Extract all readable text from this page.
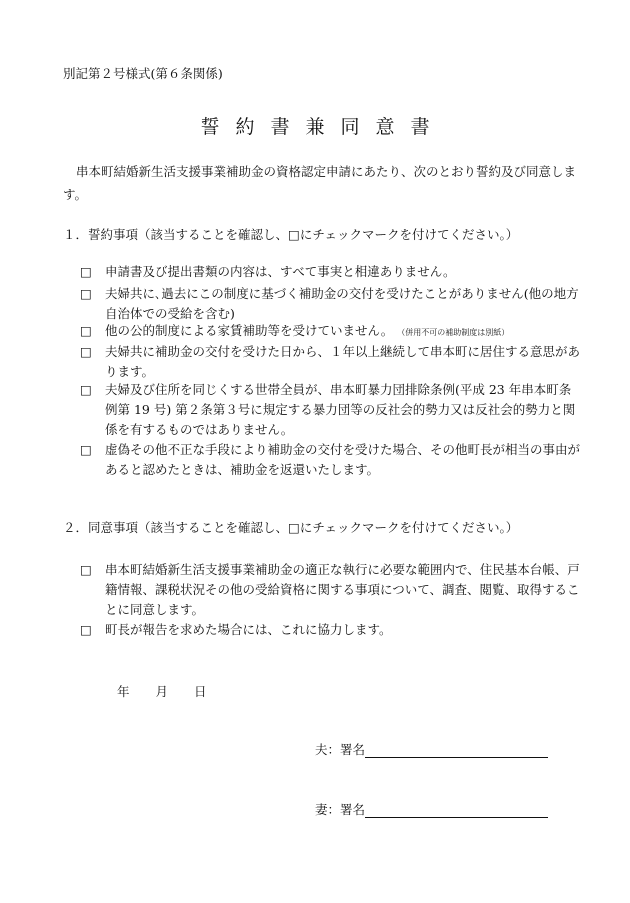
別記第２号様式(第６条関係)
誓約書兼同意書
串本町結婚新生活支援事業補助金の資格認定申請にあたり、次のとおり誓約及び同意します。
１．誓約事項（該当することを確認し、□にチェックマークを付けてください。）
□	申請書及び提出書類の内容は、すべて事実と相違ありません。
□	夫婦共に､過去にこの制度に基づく補助金の交付を受けたことがありません(他の地方自治体での受給を含む)
□	他の公的制度による家賃補助等を受けていません。 （併用不可の補助制度は別紙）
□	夫婦共に補助金の交付を受けた日から、１年以上継続して串本町に居住する意思があります。
□	夫婦及び住所を同じくする世帯全員が、串本町暴力団排除条例(平成 23 年串本町条例第 19 号) 第２条第３号に規定する暴力団等の反社会的勢力又は反社会的勢力と関係を有するものではありません。
□	虚偽その他不正な手段により補助金の交付を受けた場合、その他町長が相当の事由があると認めたときは、補助金を返還いたします。
２．同意事項（該当することを確認し、□にチェックマークを付けてください。）
□	串本町結婚新生活支援事業補助金の適正な執行に必要な範囲内で、住民基本台帳、戸籍情報、課税状況その他の受給資格に関する事項について、調査、閲覧、取得することに同意します。
□	町長が報告を求めた場合には、これに協力します。
年 月 日
夫：署名
妻：署名
